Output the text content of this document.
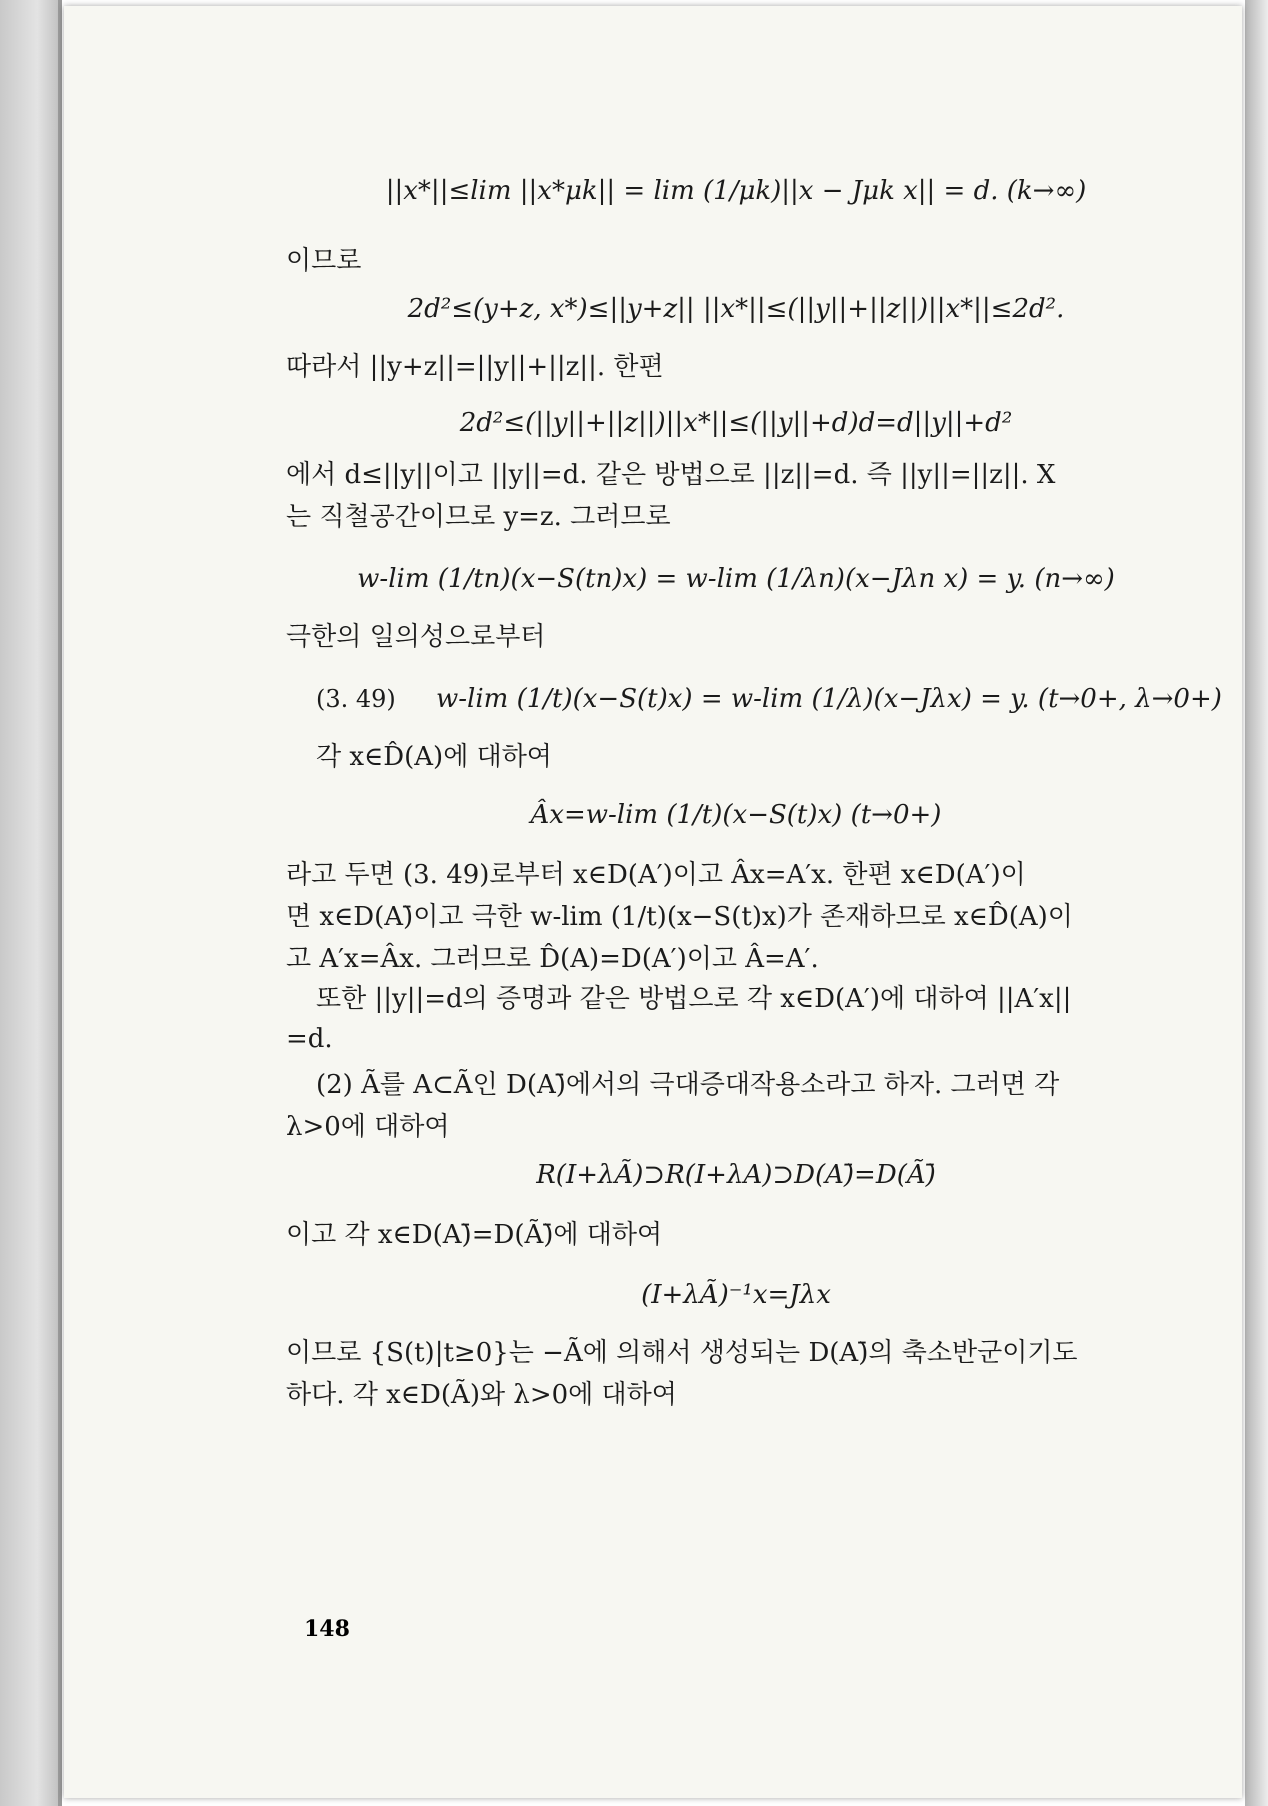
||x*||≤lim ||x*μk|| = lim (1/μk)||x − Jμk x|| = d. (k→∞)
이므로
2d²≤(y+z, x*)≤||y+z|| ||x*||≤(||y||+||z||)||x*||≤2d².
따라서 ||y+z||=||y||+||z||. 한편
2d²≤(||y||+||z||)||x*||≤(||y||+d)d=d||y||+d²
에서 d≤||y||이고 ||y||=d. 같은 방법으로 ||z||=d. 즉 ||y||=||z||. X
는 직철공간이므로 y=z. 그러므로
w-lim (1/tn)(x−S(tn)x) = w-lim (1/λn)(x−Jλn x) = y. (n→∞)
극한의 일의성으로부터
(3. 49) w-lim (1/t)(x−S(t)x) = w-lim (1/λ)(x−Jλx) = y. (t→0+, λ→0+)
각 x∈D̂(A)에 대하여
Âx=w-lim (1/t)(x−S(t)x) (t→0+)
라고 두면 (3. 49)로부터 x∈D(A′)이고 Âx=A′x. 한편 x∈D(A′)이
면 x∈D(A)̄이고 극한 w-lim (1/t)(x−S(t)x)가 존재하므로 x∈D̂(A)이
고 A′x=Âx. 그러므로 D̂(A)=D(A′)이고 Â=A′.
또한 ||y||=d의 증명과 같은 방법으로 각 x∈D(A′)에 대하여 ||A′x||
=d.
(2) Ã를 A⊂Ã인 D(A)̄에서의 극대증대작용소라고 하자. 그러면 각
λ>0에 대하여
R(I+λÃ)⊃R(I+λA)⊃D(A)̄=D(Ã)̄
이고 각 x∈D(A)̄=D(Ã)̄에 대하여
(I+λÃ)⁻¹x=Jλx
이므로 {S(t)|t≥0}는 −Ã에 의해서 생성되는 D(A)̄의 축소반군이기도
하다. 각 x∈D(Ã)와 λ>0에 대하여
148
